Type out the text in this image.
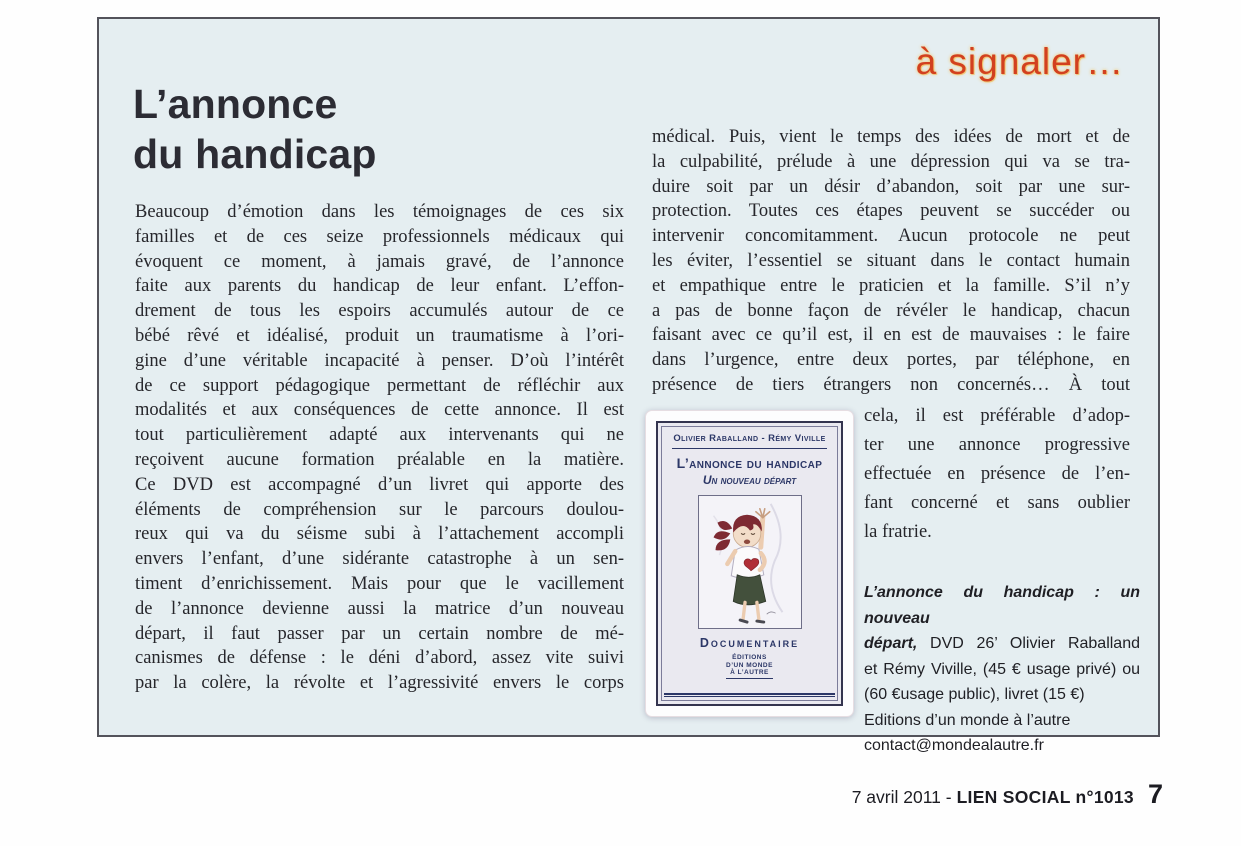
à signaler…
L’annonce
du handicap
Beaucoup d’émotion dans les témoignages de ces six
familles et de ces seize professionnels médicaux qui
évoquent ce moment, à jamais gravé, de l’annonce
faite aux parents du handicap de leur enfant. L’effon-
drement de tous les espoirs accumulés autour de ce
bébé rêvé et idéalisé, produit un traumatisme à l’ori-
gine d’une véritable incapacité à penser. D’où l’intérêt
de ce support pédagogique permettant de réfléchir aux
modalités et aux conséquences de cette annonce. Il est
tout particulièrement adapté aux intervenants qui ne
reçoivent aucune formation préalable en la matière.
Ce DVD est accompagné d’un livret qui apporte des
éléments de compréhension sur le parcours doulou-
reux qui va du séisme subi à l’attachement accompli
envers l’enfant, d’une sidérante catastrophe à un sen-
timent d’enrichissement. Mais pour que le vacillement
de l’annonce devienne aussi la matrice d’un nouveau
départ, il faut passer par un certain nombre de mé-
canismes de défense : le déni d’abord, assez vite suivi
par la colère, la révolte et l’agressivité envers le corps
médical. Puis, vient le temps des idées de mort et de
la culpabilité, prélude à une dépression qui va se tra-
duire soit par un désir d’abandon, soit par une sur-
protection. Toutes ces étapes peuvent se succéder ou
intervenir concomitamment. Aucun protocole ne peut
les éviter, l’essentiel se situant dans le contact humain
et empathique entre le praticien et la famille. S’il n’y
a pas de bonne façon de révéler le handicap, chacun
faisant avec ce qu’il est, il en est de mauvaises : le faire
dans l’urgence, entre deux portes, par téléphone, en
présence de tiers étrangers non concernés… À tout
cela, il est préférable d’adop-
ter une annonce progressive
effectuée en présence de l’en-
fant concerné et sans oublier
la fratrie.
Olivier Raballand - Rémy Viville
L’annonce du handicap
Un nouveau départ
Documentaire
ÉDITIONS
D’UN MONDE
À L’AUTRE
L’annonce du handicap : un nouveau
départ, DVD 26’ Olivier Raballand
et Rémy Viville, (45 € usage privé) ou
(60 €usage public), livret (15 €)
Editions d’un monde à l’autre
contact@mondealautre.fr
7 avril 2011 - LIEN SOCIAL n°1013 7
